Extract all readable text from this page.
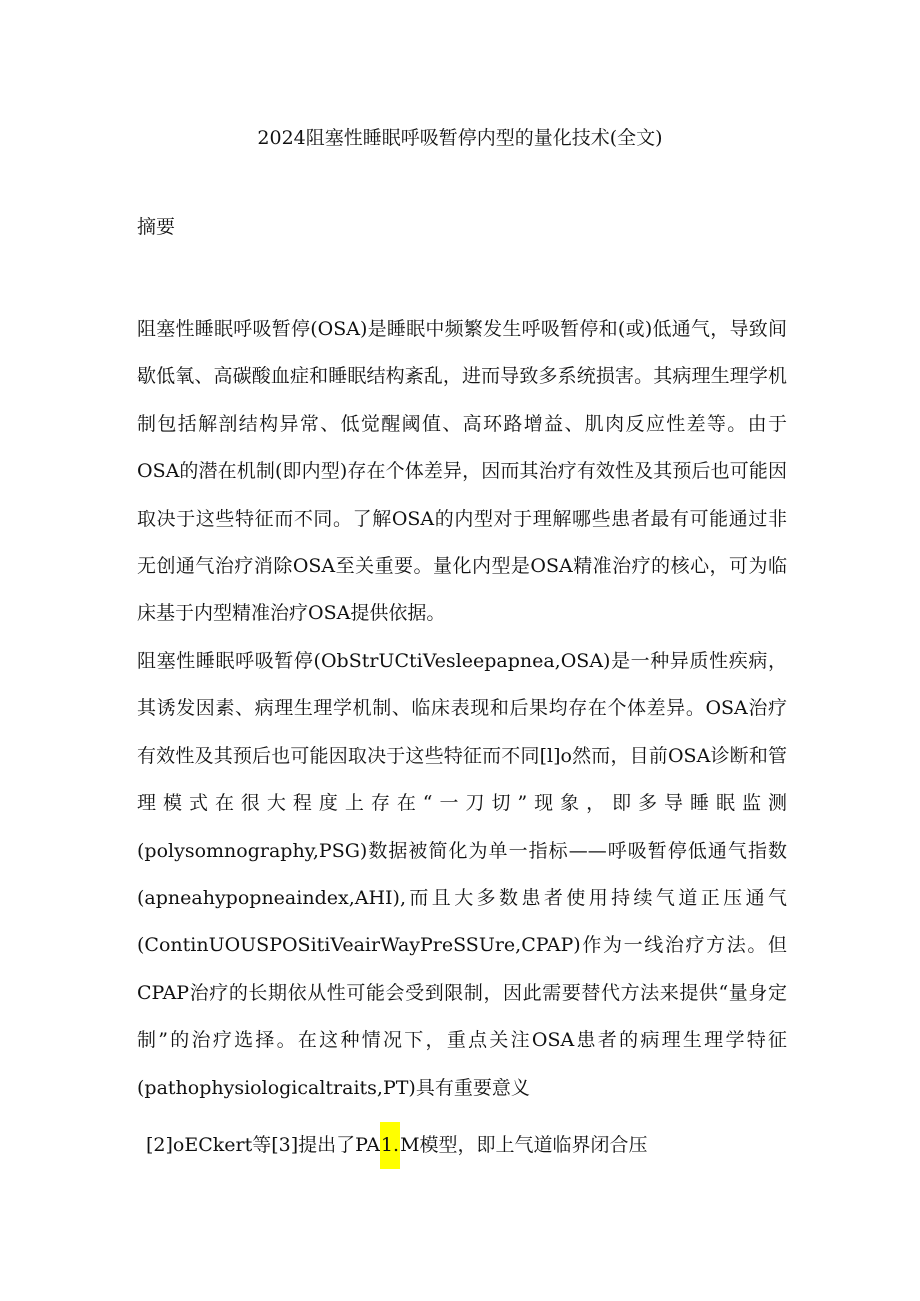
2024阻塞性睡眠呼吸暂停内型的量化技术(全文)
摘要
阻塞性睡眠呼吸暂停(OSA)是睡眠中频繁发生呼吸暂停和(或)低通气，导致间歇低氧、高碳酸血症和睡眠结构紊乱，进而导致多系统损害。其病理生理学机制包括解剖结构异常、低觉醒阈值、高环路增益、肌肉反应性差等。由于OSA的潜在机制(即内型)存在个体差异，因而其治疗有效性及其预后也可能因取决于这些特征而不同。了解OSA的内型对于理解哪些患者最有可能通过非无创通气治疗消除OSA至关重要。量化内型是OSA精准治疗的核心，可为临床基于内型精准治疗OSA提供依据。
阻塞性睡眠呼吸暂停(ObStrUCtiVesleepapnea,OSA)是一种异质性疾病，其诱发因素、病理生理学机制、临床表现和后果均存在个体差异。OSA治疗有效性及其预后也可能因取决于这些特征而不同[l]o然而，目前OSA诊断和管理模式在很大程度上存在“一刀切”现象，即多导睡眠监测(polysomnography,PSG)数据被简化为单一指标——呼吸暂停低通气指数(apneahypopneaindex,AHI),而且大多数患者使用持续气道正压通气(ContinUOUSPOSitiVeairWayPreSSUre,CPAP)作为一线治疗方法。但CPAP治疗的长期依从性可能会受到限制，因此需要替代方法来提供“量身定制”的治疗选择。在这种情况下，重点关注OSA患者的病理生理学特征(pathophysiologicaltraits,PT)具有重要意义
[2]oECkert等[3]提出了PA1.M模型，即上气道临界闭合压
